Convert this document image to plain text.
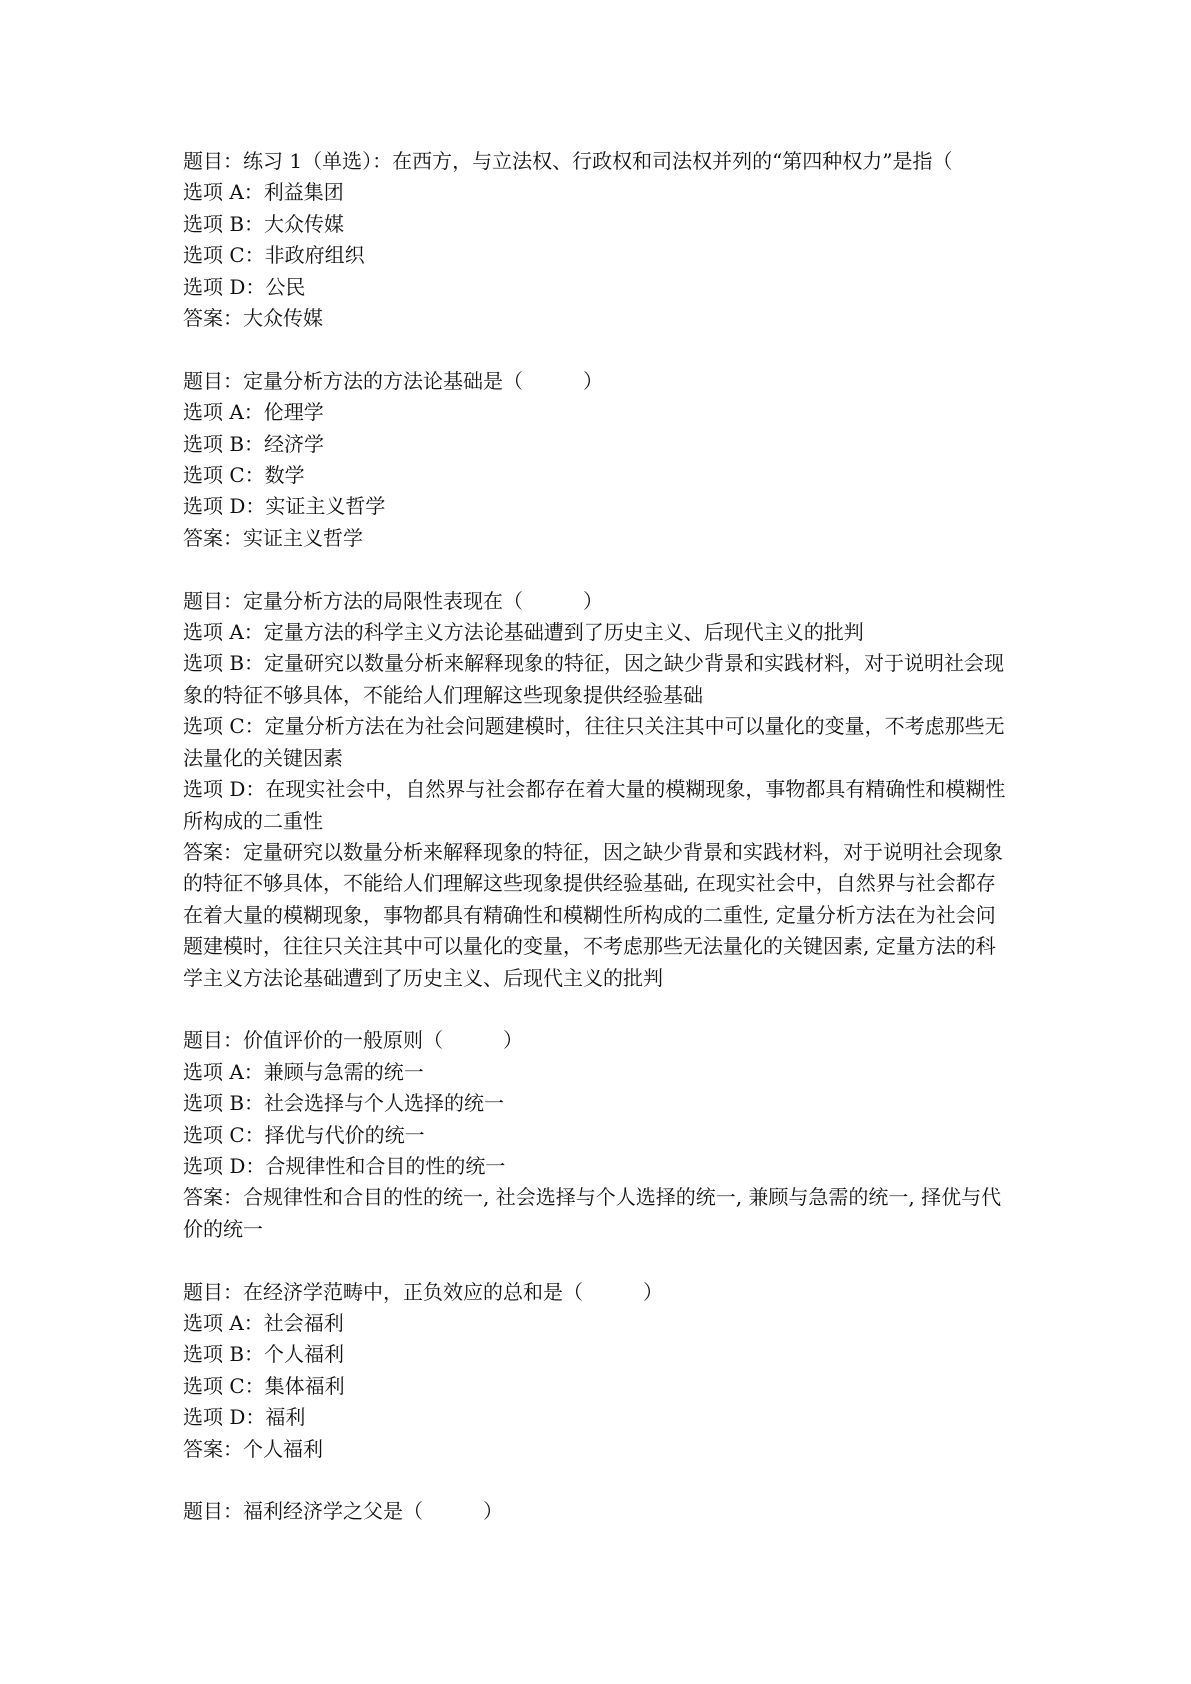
题目：练习 1（单选）：在西方，与立法权、行政权和司法权并列的“第四种权力”是指（

选项 A：利益集团

选项 B：大众传媒

选项 C：非政府组织

选项 D：公民

答案：大众传媒

题目：定量分析方法的方法论基础是（　　　）

选项 A：伦理学

选项 B：经济学

选项 C：数学

选项 D：实证主义哲学

答案：实证主义哲学

题目：定量分析方法的局限性表现在（　　　）

选项 A：定量方法的科学主义方法论基础遭到了历史主义、后现代主义的批判

选项 B：定量研究以数量分析来解释现象的特征，因之缺少背景和实践材料，对于说明社会现象的特征不够具体，不能给人们理解这些现象提供经验基础

选项 C：定量分析方法在为社会问题建模时，往往只关注其中可以量化的变量，不考虑那些无法量化的关键因素

选项 D：在现实社会中，自然界与社会都存在着大量的模糊现象，事物都具有精确性和模糊性所构成的二重性

答案：定量研究以数量分析来解释现象的特征，因之缺少背景和实践材料，对于说明社会现象的特征不够具体，不能给人们理解这些现象提供经验基础, 在现实社会中，自然界与社会都存在着大量的模糊现象，事物都具有精确性和模糊性所构成的二重性, 定量分析方法在为社会问题建模时，往往只关注其中可以量化的变量，不考虑那些无法量化的关键因素, 定量方法的科学主义方法论基础遭到了历史主义、后现代主义的批判

题目：价值评价的一般原则（　　　）

选项 A：兼顾与急需的统一

选项 B：社会选择与个人选择的统一

选项 C：择优与代价的统一

选项 D：合规律性和合目的性的统一

答案：合规律性和合目的性的统一, 社会选择与个人选择的统一, 兼顾与急需的统一, 择优与代价的统一

题目：在经济学范畴中，正负效应的总和是（　　　）

选项 A：社会福利

选项 B：个人福利

选项 C：集体福利

选项 D：福利

答案：个人福利

题目：福利经济学之父是（　　　）
